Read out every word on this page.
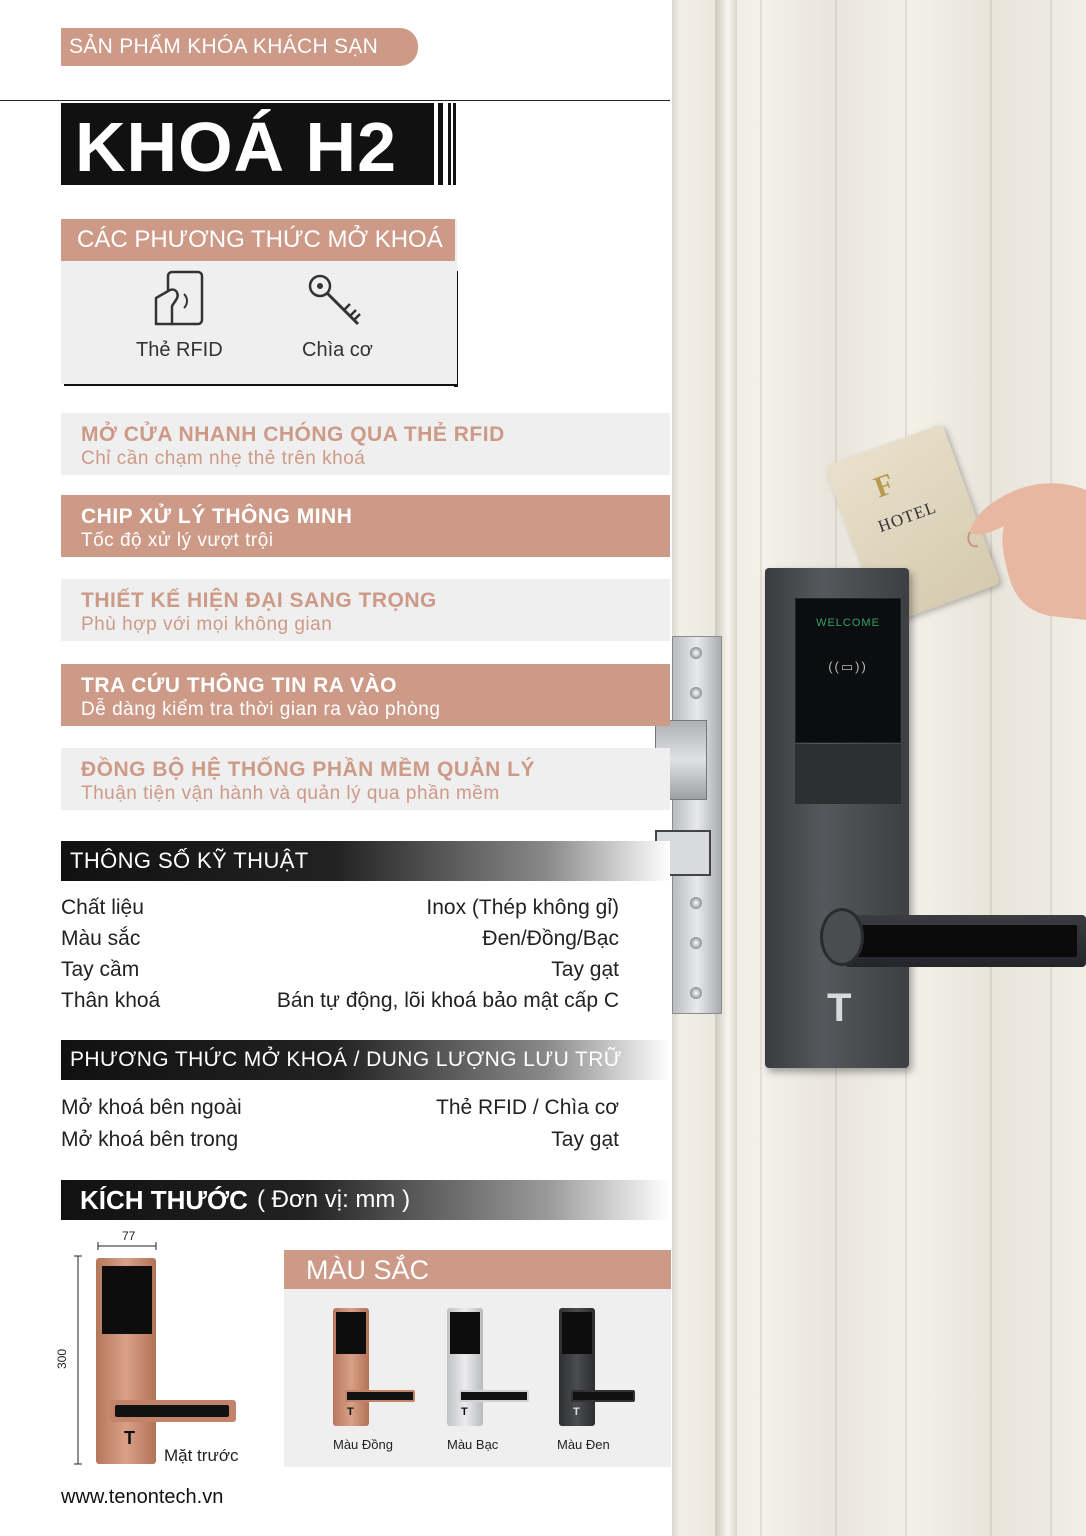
F
HOTEL
WELCOME
((▭))
T
SẢN PHẨM KHÓA KHÁCH SẠN
KHOÁ H2
CÁC PHƯƠNG THỨC MỞ KHOÁ
Thẻ RFID	Chìa cơ
MỞ CỬA NHANH CHÓNG QUA THẺ RFID
Chỉ cần chạm nhẹ thẻ trên khoá
CHIP XỬ LÝ THÔNG MINH
Tốc độ xử lý vượt trội
THIẾT KẾ HIỆN ĐẠI SANG TRỌNG
Phù hợp với mọi không gian
TRA CỨU THÔNG TIN RA VÀO
Dễ dàng kiểm tra thời gian ra vào phòng
ĐỒNG BỘ HỆ THỐNG PHẦN MỀM QUẢN LÝ
Thuận tiện vận hành và quản lý qua phần mềm
THÔNG SỐ KỸ THUẬT
Chất liệu	Inox (Thép không gỉ)
Màu sắc	Đen/Đồng/Bạc
Tay cầm	Tay gạt
Thân khoá	Bán tự động, lõi khoá bảo mật cấp C
PHƯƠNG THỨC MỞ KHOÁ / DUNG LƯỢNG LƯU TRỮ
Mở khoá bên ngoài	Thẻ RFID / Chìa cơ
Mở khoá bên trong	Tay gạt
KÍCH THƯỚC ( Đơn vị: mm )
77
300
T
Mặt trước
MÀU SẮC
T	T	T
Màu Đồng	Màu Bạc	Màu Đen
www.tenontech.vn
